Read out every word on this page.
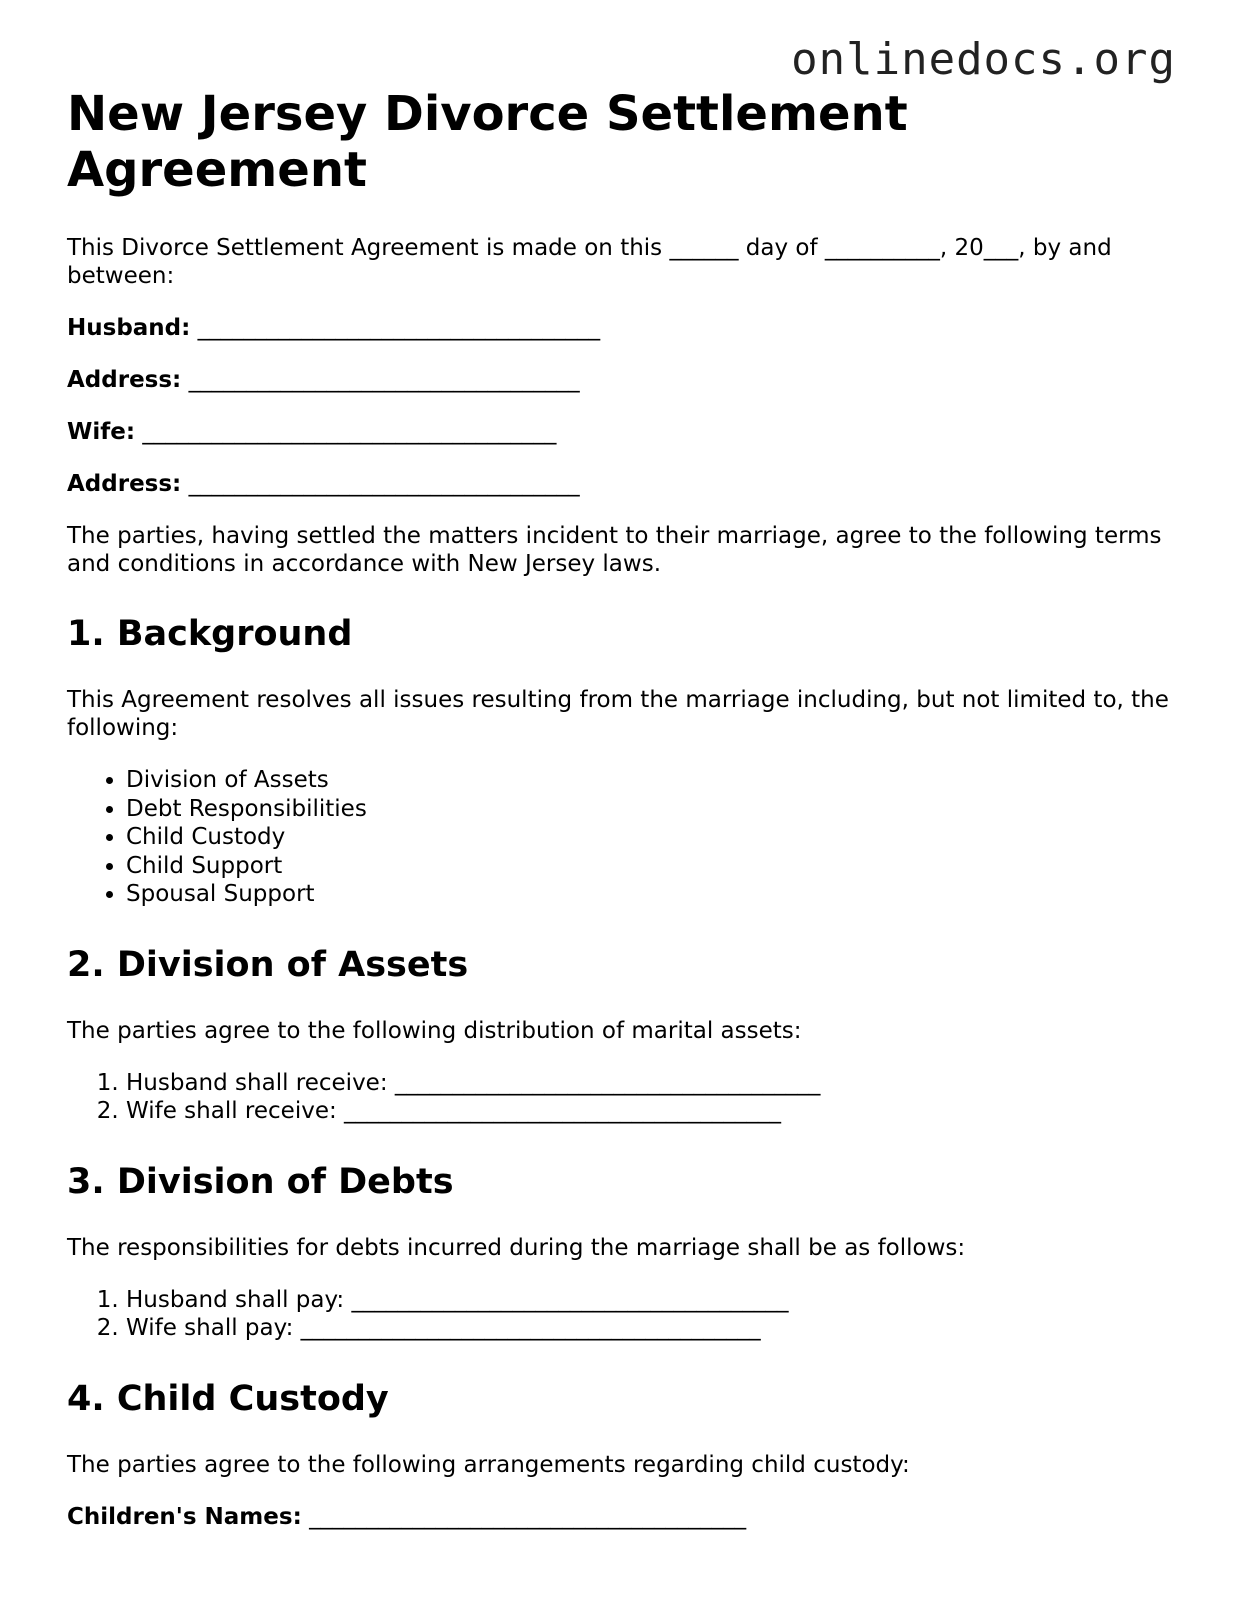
onlinedocs.org
New Jersey Divorce Settlement Agreement

This Divorce Settlement Agreement is made on this ______ day of __________, 20___, by and between:

Husband: ___________________________________
Address: __________________________________
Wife: ____________________________________
Address: __________________________________

The parties, having settled the matters incident to their marriage, agree to the following terms and conditions in accordance with New Jersey laws.

1. Background

This Agreement resolves all issues resulting from the marriage including, but not limited to, the following:

• Division of Assets
• Debt Responsibilities
• Child Custody
• Child Support
• Spousal Support
2. Division of Assets

The parties agree to the following distribution of marital assets:

1. Husband shall receive: _____________________________________
2. Wife shall receive: ______________________________________
3. Division of Debts

The responsibilities for debts incurred during the marriage shall be as follows:

1. Husband shall pay: ______________________________________
2. Wife shall pay: ________________________________________
4. Child Custody

The parties agree to the following arrangements regarding child custody:

Children's Names: ______________________________________
